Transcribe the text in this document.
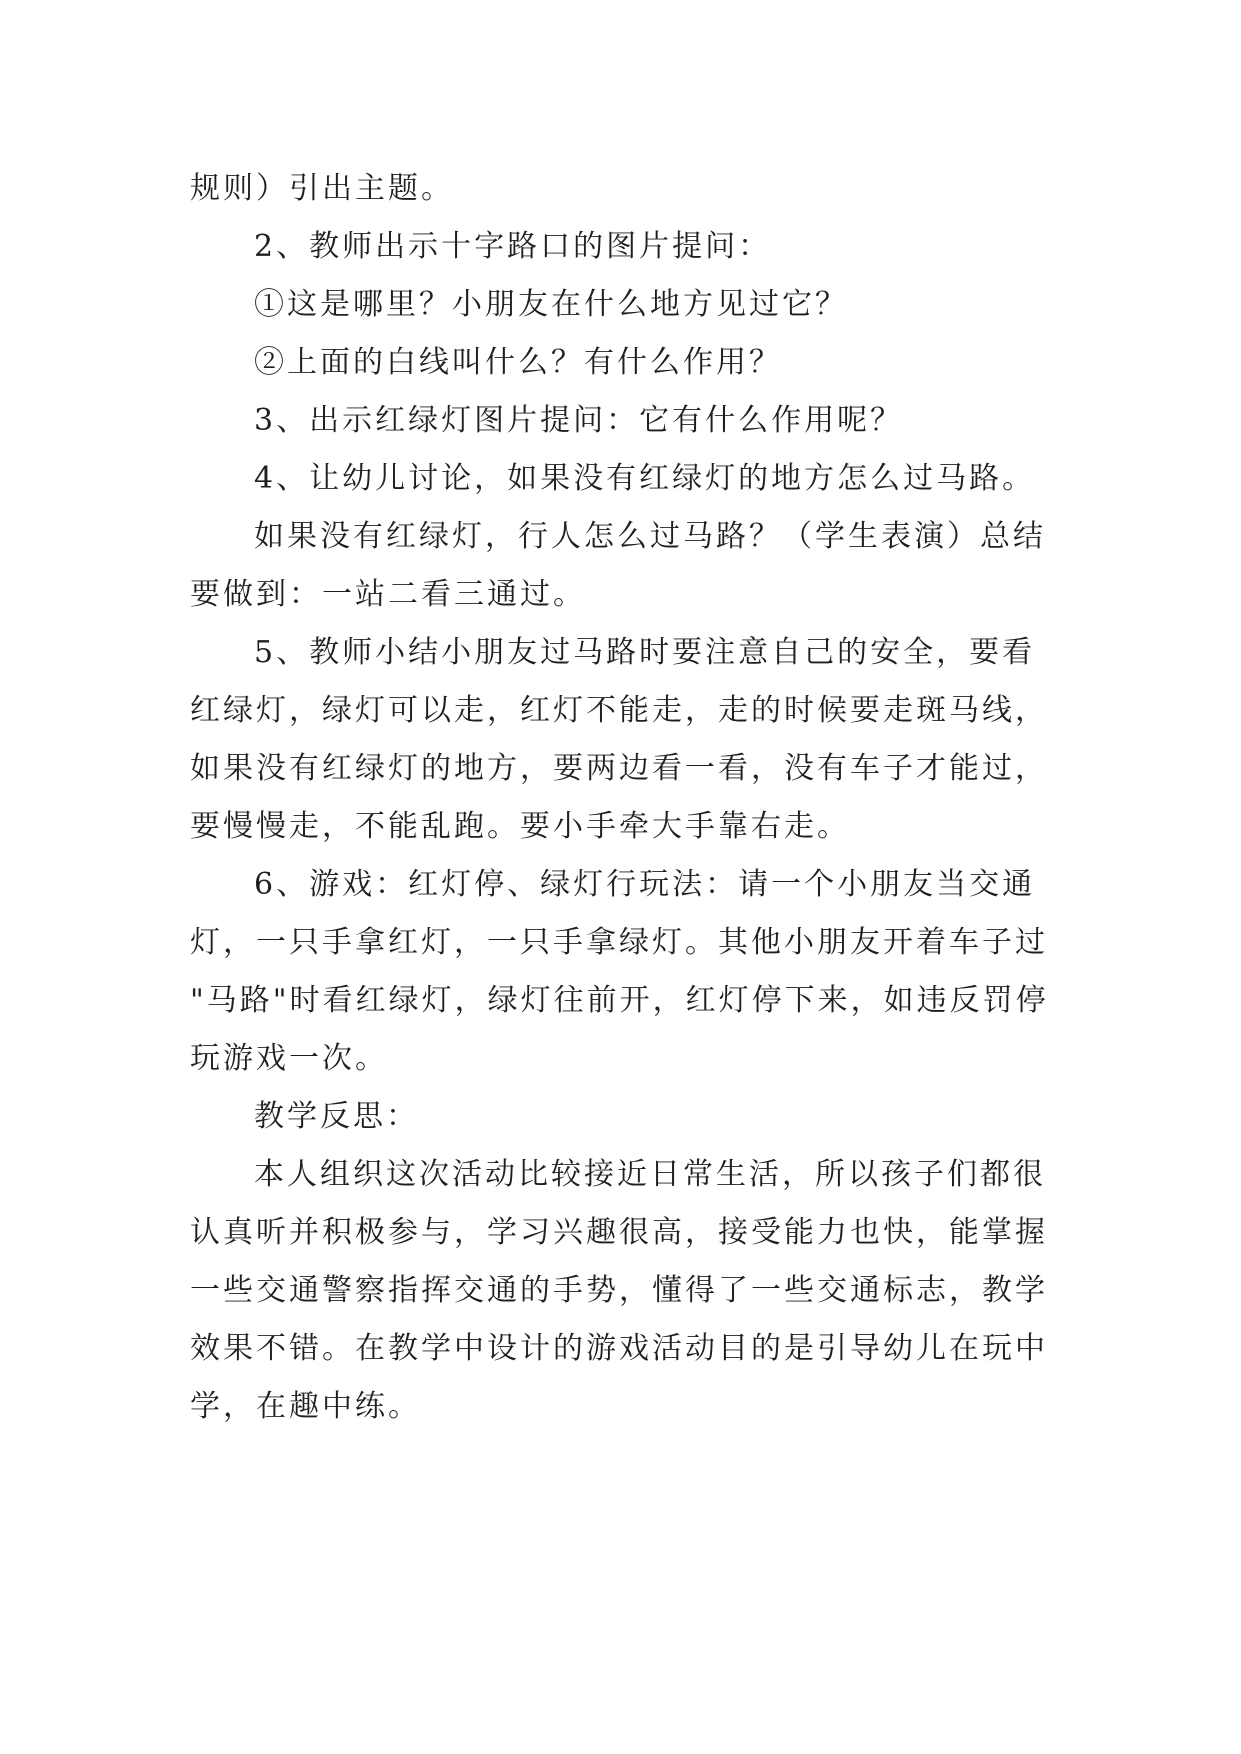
规则）引出主题。

2、教师出示十字路口的图片提问：

①这是哪里？小朋友在什么地方见过它？

②上面的白线叫什么？有什么作用？

3、出示红绿灯图片提问：它有什么作用呢？

4、让幼儿讨论，如果没有红绿灯的地方怎么过马路。

如果没有红绿灯，行人怎么过马路？（学生表演）总结

要做到：一站二看三通过。

5、教师小结小朋友过马路时要注意自己的安全，要看

红绿灯，绿灯可以走，红灯不能走，走的时候要走斑马线，

如果没有红绿灯的地方，要两边看一看，没有车子才能过，

要慢慢走，不能乱跑。要小手牵大手靠右走。

6、游戏：红灯停、绿灯行玩法：请一个小朋友当交通

灯，一只手拿红灯，一只手拿绿灯。其他小朋友开着车子过

"马路"时看红绿灯，绿灯往前开，红灯停下来，如违反罚停

玩游戏一次。

教学反思：

本人组织这次活动比较接近日常生活，所以孩子们都很

认真听并积极参与，学习兴趣很高，接受能力也快，能掌握

一些交通警察指挥交通的手势，懂得了一些交通标志，教学

效果不错。在教学中设计的游戏活动目的是引导幼儿在玩中

学，在趣中练。
